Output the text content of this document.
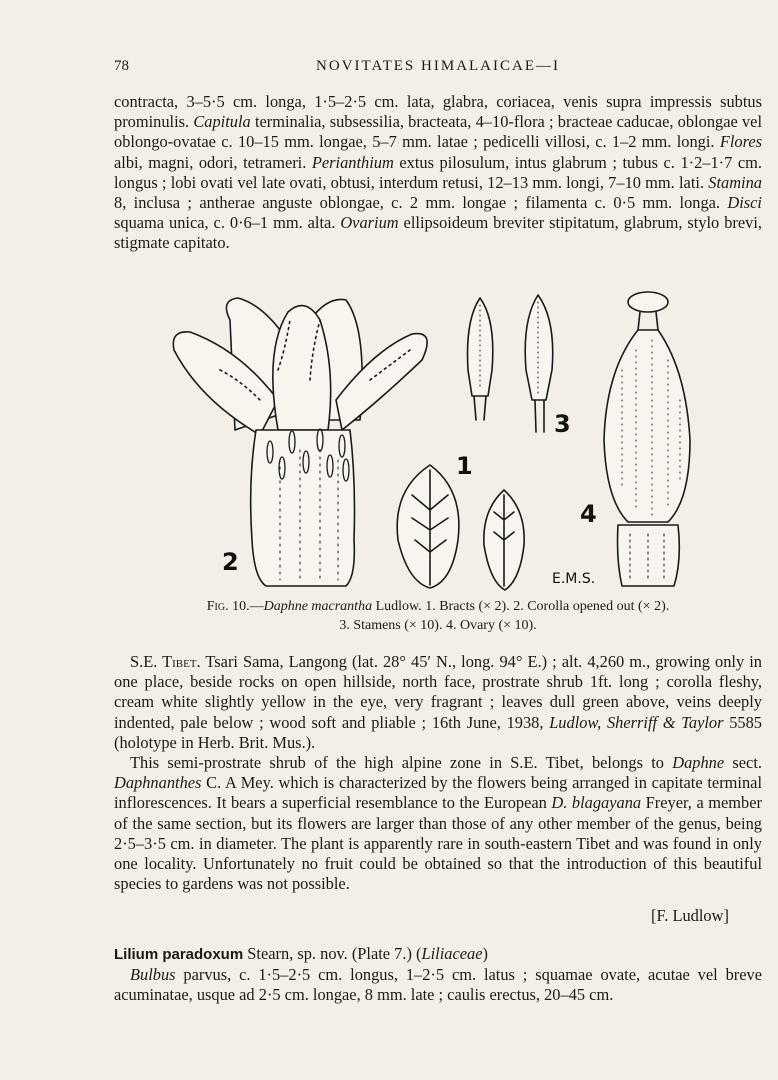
78	NOVITATES HIMALAICAE—I

contracta, 3–5·5 cm. longa, 1·5–2·5 cm. lata, glabra, coriacea, venis supra impressis subtus prominulis. Capitula terminalia, subsessilia, bracteata, 4–10-flora ; bracteae caducae, oblongae vel oblongo-ovatae c. 10–15 mm. longae, 5–7 mm. latae ; pedicelli villosi, c. 1–2 mm. longi. Flores albi, magni, odori, tetrameri. Perianthium extus pilosulum, intus glabrum ; tubus c. 1·2–1·7 cm. longus ; lobi ovati vel late ovati, obtusi, interdum retusi, 12–13 mm. longi, 7–10 mm. lati. Stamina 8, inclusa ; antherae anguste oblongae, c. 2 mm. longae ; filamenta c. 0·5 mm. longa. Disci squama unica, c. 0·6–1 mm. alta. Ovarium ellipsoideum breviter stipitatum, glabrum, stylo brevi, stigmate capitato.

1
2
3
4
E.M.S.

Fig. 10.—Daphne macrantha Ludlow. 1. Bracts (× 2). 2. Corolla opened out (× 2).

3. Stamens (× 10). 4. Ovary (× 10).

S.E. Tibet. Tsari Sama, Langong (lat. 28° 45′ N., long. 94° E.) ; alt. 4,260 m., growing only in one place, beside rocks on open hillside, north face, prostrate shrub 1ft. long ; corolla fleshy, cream white slightly yellow in the eye, very fragrant ; leaves dull green above, veins deeply indented, pale below ; wood soft and pliable ; 16th June, 1938, Ludlow, Sherriff & Taylor 5585 (holotype in Herb. Brit. Mus.).

This semi-prostrate shrub of the high alpine zone in S.E. Tibet, belongs to Daphne sect. Daphnanthes C. A Mey. which is characterized by the flowers being arranged in capitate terminal inflorescences. It bears a superficial resemblance to the European D. blagayana Freyer, a member of the same section, but its flowers are larger than those of any other member of the genus, being 2·5–3·5 cm. in diameter. The plant is apparently rare in south-eastern Tibet and was found in only one locality. Unfortunately no fruit could be obtained so that the introduction of this beautiful species to gardens was not possible.

[F. Ludlow]

Lilium paradoxum Stearn, sp. nov. (Plate 7.) (Liliaceae)

Bulbus parvus, c. 1·5–2·5 cm. longus, 1–2·5 cm. latus ; squamae ovate, acutae vel breve acuminatae, usque ad 2·5 cm. longae, 8 mm. late ; caulis erectus, 20–45 cm.
